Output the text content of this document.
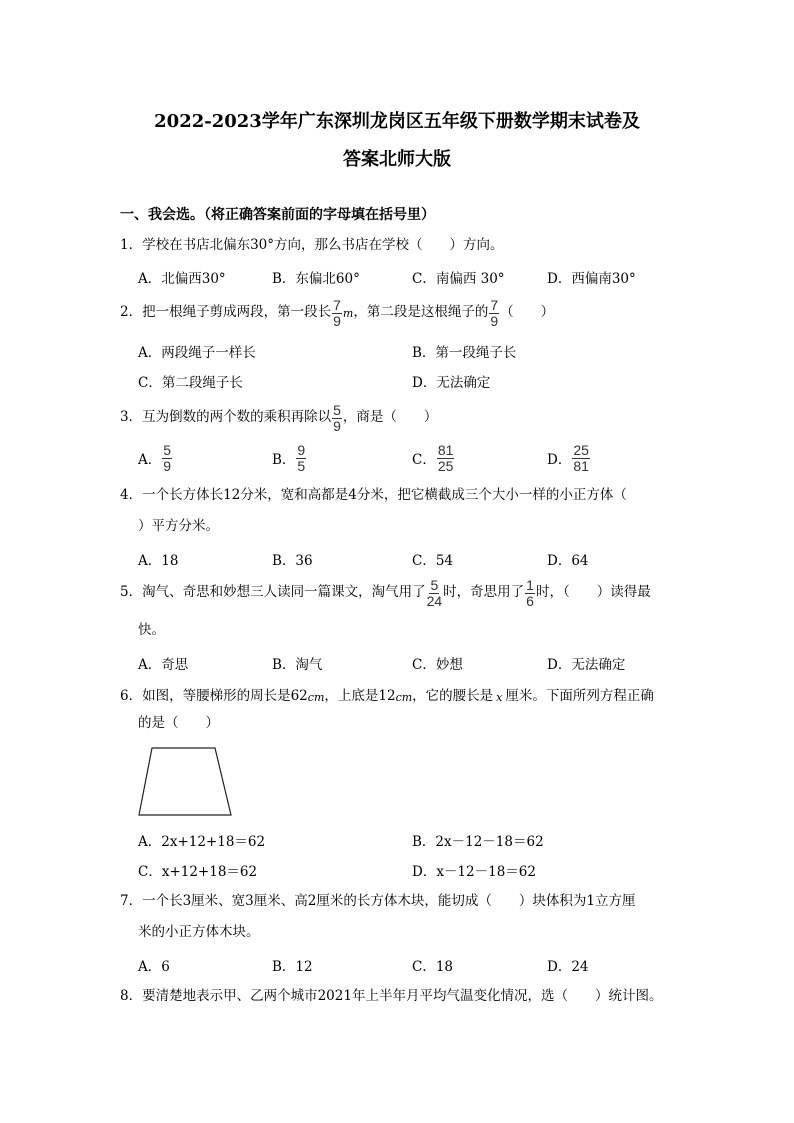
2022-2023学年广东深圳龙岗区五年级下册数学期末试卷及
答案北师大版
一、我会选。（将正确答案前面的字母填在括号里）
1．学校在书店北偏东30°方向，那么书店在学校（　　）方向。
A．北偏西30°	B．东偏北60°	C．南偏西 30°	D．西偏南30°
2．把一根绳子剪成两段，第一段长 $\frac{7}{9}$ m ，第二段是这根绳子的 $\frac{7}{9}$ （　　）
A．两段绳子一样长	B．第一段绳子长
C．第二段绳子长	D．无法确定
3．互为倒数的两个数的乘积再除以 $\frac{5}{9}$ ，商是（　　）
A． $\frac{5}{9}$	B． $\frac{9}{5}$	C． $\frac{81}{25}$	D． $\frac{25}{81}$
4．一个长方体长12分米，宽和高都是4分米，把它横截成三个大小一样的小正方体（
）平方分米。
A．18	B．36	C．54	D．64
5．淘气、奇思和妙想三人读同一篇课文，淘气用了 $\frac{5}{24}$ 时，奇思用了 $\frac{1}{6}$ 时，（　　）读得最
快。
A．奇思	B．淘气	C．妙想	D．无法确定
6．如图，等腰梯形的周长是62 cm ，上底是12 cm ，它的腰长是 x 厘米。下面所列方程正确
的是（　　）
A．2x+12+18＝62	B．2x－12－18＝62
C．x+12+18＝62	D．x－12－18＝62
7．一个长3厘米、宽3厘米、高2厘米的长方体木块，能切成（　　）块体积为1立方厘
米的小正方体木块。
A．6	B．12	C．18	D．24
8．要清楚地表示甲、乙两个城市2021年上半年月平均气温变化情况，选（　　）统计图。
